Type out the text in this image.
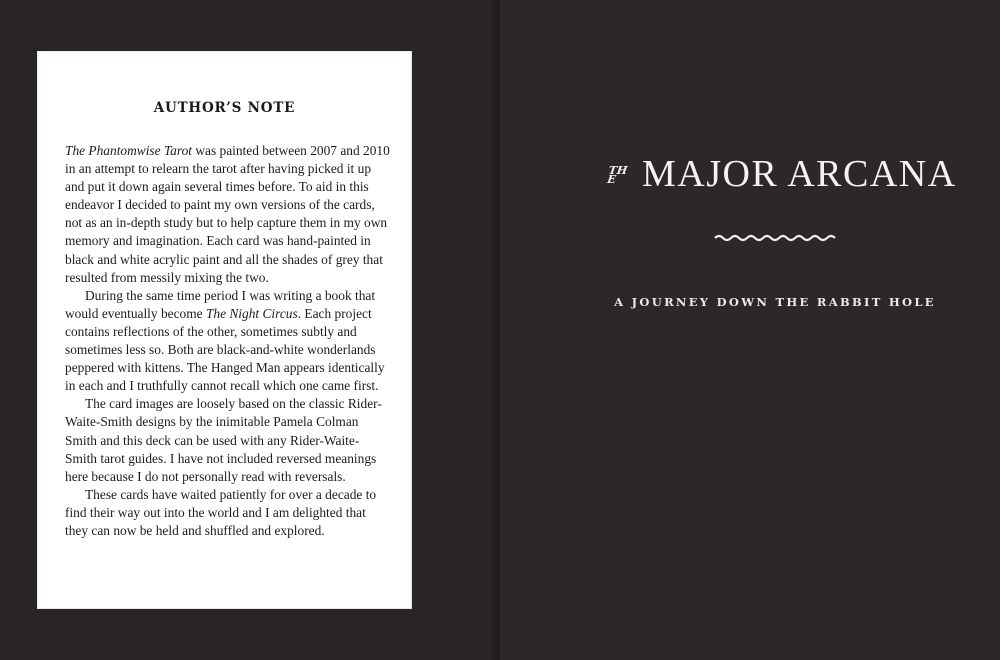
AUTHOR’S NOTE

The Phantomwise Tarot was painted between 2007 and 2010 in an attempt to relearn the tarot after having picked it up and put it down again several times before. To aid in this endeavor I decided to paint my own versions of the cards, not as an in-depth study but to help capture them in my own memory and imagination. Each card was hand-painted in black and white acrylic paint and all the shades of grey that resulted from messily mixing the two.

During the same time period I was writing a book that would eventually become The Night Circus. Each project contains reflections of the other, sometimes subtly and sometimes less so. Both are black-and-white wonderlands peppered with kittens. The Hanged Man appears identically in each and I truthfully cannot recall which one came first.

The card images are loosely based on the classic Rider-Waite-Smith designs by the inimitable Pamela Colman Smith and this deck can be used with any Rider-Waite-Smith tarot guides. I have not included reversed meanings here because I do not personally read with reversals.

These cards have waited patiently for over a decade to find their way out into the world and I am delighted that they can now be held and shuffled and explored.

TH
E MAJOR ARCANA
A JOURNEY DOWN THE RABBIT HOLE
